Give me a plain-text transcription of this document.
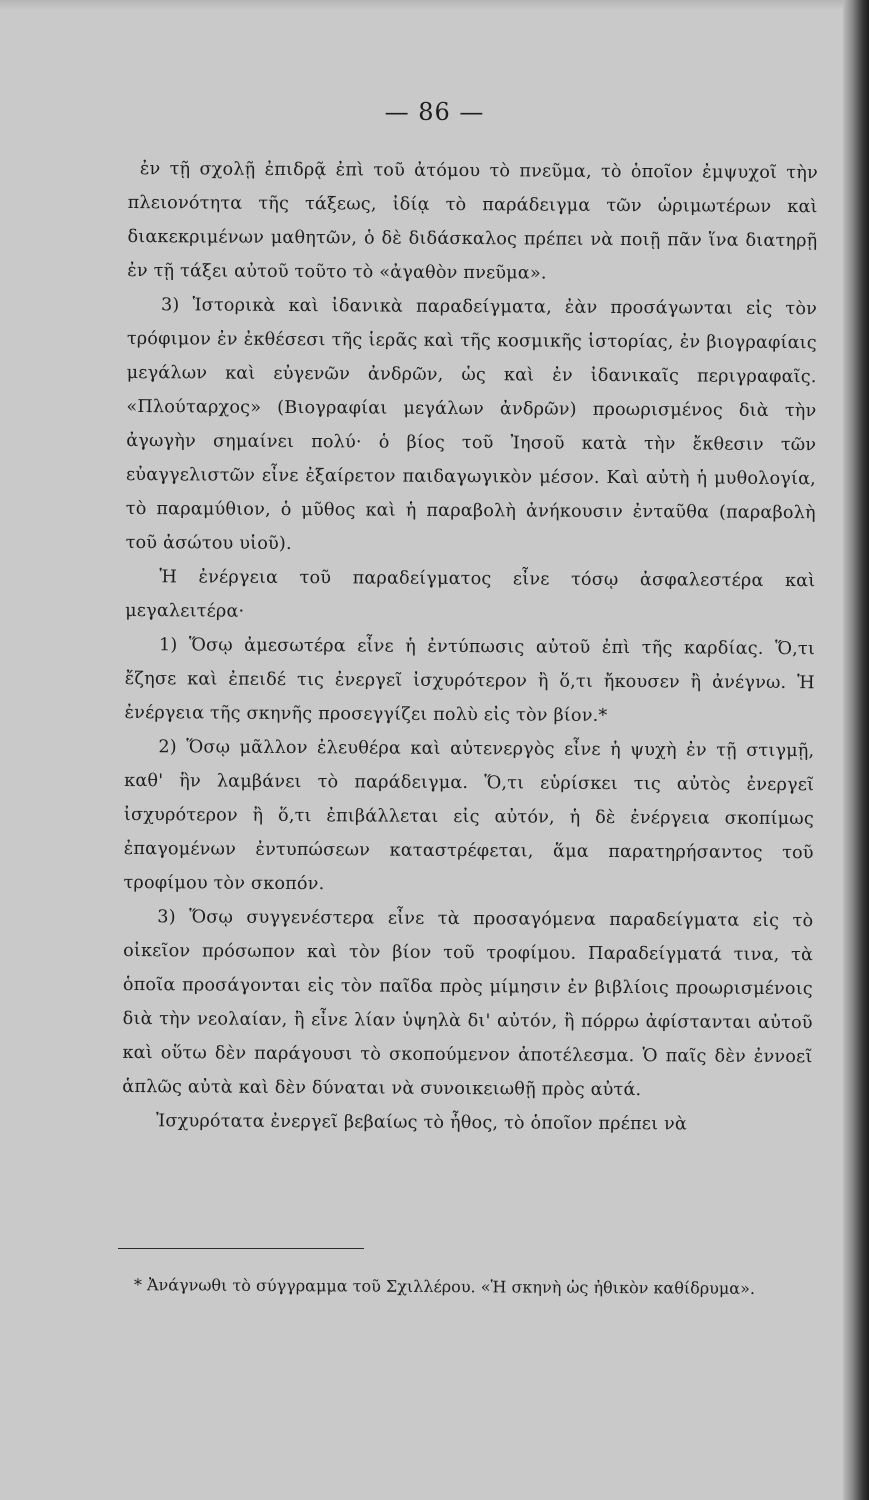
— 86 —

ἐν τῇ σχολῇ ἐπιδρᾷ ἐπὶ τοῦ ἀτόμου τὸ πνεῦμα, τὸ ὁποῖον ἐμψυχοῖ τὴν πλειονότητα τῆς τάξεως, ἰδίᾳ τὸ παράδειγμα τῶν ὡριμωτέρων καὶ διακεκριμένων μαθητῶν, ὁ δὲ διδάσκαλος πρέπει νὰ ποιῇ πᾶν ἵνα διατηρῇ ἐν τῇ τάξει αὐτοῦ τοῦτο τὸ «ἀγαθὸν πνεῦμα».

3) Ἱστορικὰ καὶ ἰδανικὰ παραδείγματα, ἐὰν προσάγωνται εἰς τὸν τρόφιμον ἐν ἐκθέσεσι τῆς ἱερᾶς καὶ τῆς κοσμικῆς ἱστορίας, ἐν βιογραφίαις μεγάλων καὶ εὐγενῶν ἀνδρῶν, ὡς καὶ ἐν ἰδανικαῖς περιγραφαῖς. «Πλούταρχος» (Βιογραφίαι μεγάλων ἀνδρῶν) προωρισμένος διὰ τὴν ἀγωγὴν σημαίνει πολύ· ὁ βίος τοῦ Ἰησοῦ κατὰ τὴν ἔκθεσιν τῶν εὐαγγελιστῶν εἶνε ἐξαίρετον παιδαγωγικὸν μέσον. Καὶ αὐτὴ ἡ μυθολογία, τὸ παραμύθιον, ὁ μῦθος καὶ ἡ παραβολὴ ἀνήκουσιν ἐνταῦθα (παραβολὴ τοῦ ἀσώτου υἱοῦ).

Ἡ ἐνέργεια τοῦ παραδείγματος εἶνε τόσῳ ἀσφαλεστέρα καὶ μεγαλειτέρα·

1) Ὅσῳ ἀμεσωτέρα εἶνε ἡ ἐντύπωσις αὐτοῦ ἐπὶ τῆς καρδίας. Ὅ,τι ἔζησε καὶ ἐπειδέ τις ἐνεργεῖ ἰσχυρότερον ἢ ὅ,τι ἤκουσεν ἢ ἀνέγνω. Ἡ ἐνέργεια τῆς σκηνῆς προσεγγίζει πολὺ εἰς τὸν βίον.*

2) Ὅσῳ μᾶλλον ἐλευθέρα καὶ αὐτενεργὸς εἶνε ἡ ψυχὴ ἐν τῇ στιγμῇ, καθ' ἣν λαμβάνει τὸ παράδειγμα. Ὅ,τι εὑρίσκει τις αὐτὸς ἐνεργεῖ ἰσχυρότερον ἢ ὅ,τι ἐπιβάλλεται εἰς αὐτόν, ἡ δὲ ἐνέργεια σκοπίμως ἐπαγομένων ἐντυπώσεων καταστρέφεται, ἅμα παρατηρήσαντος τοῦ τροφίμου τὸν σκοπόν.

3) Ὅσῳ συγγενέστερα εἶνε τὰ προσαγόμενα παραδείγματα εἰς τὸ οἰκεῖον πρόσωπον καὶ τὸν βίον τοῦ τροφίμου. Παραδείγματά τινα, τὰ ὁποῖα προσάγονται εἰς τὸν παῖδα πρὸς μίμησιν ἐν βιβλίοις προωρισμένοις διὰ τὴν νεολαίαν, ἢ εἶνε λίαν ὑψηλὰ δι' αὐτόν, ἢ πόρρω ἀφίστανται αὐτοῦ καὶ οὕτω δὲν παράγουσι τὸ σκοπούμενον ἀποτέλεσμα. Ὁ παῖς δὲν ἐννοεῖ ἁπλῶς αὐτὰ καὶ δὲν δύναται νὰ συνοικειωθῇ πρὸς αὐτά.

Ἰσχυρότατα ἐνεργεῖ βεβαίως τὸ ἦθος, τὸ ὁποῖον πρέπει νὰ

* Ἀνάγνωθι τὸ σύγγραμμα τοῦ Σχιλλέρου. «Ἡ σκηνὴ ὡς ἠθικὸν καθίδρυμα».
